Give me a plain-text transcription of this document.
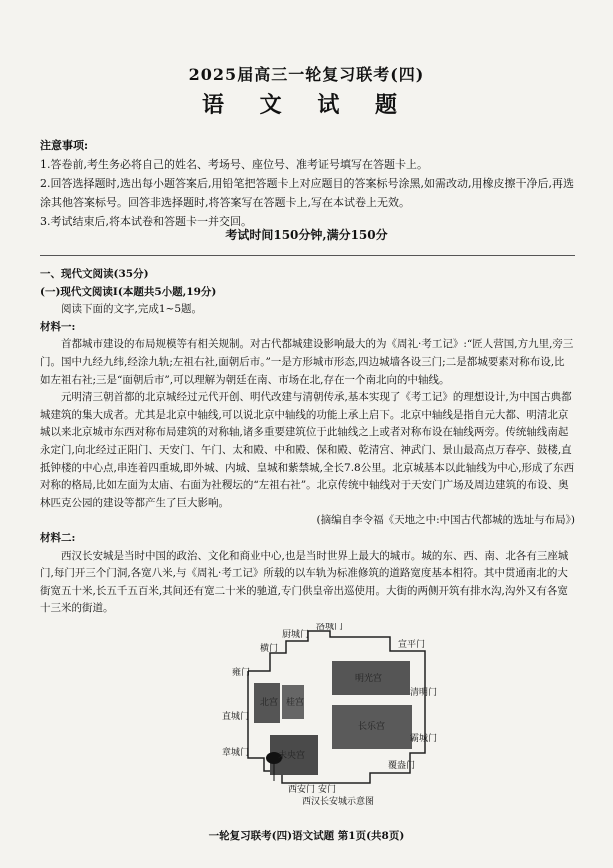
2025届高三一轮复习联考(四)
语 文 试 题

注意事项:

1.答卷前,考生务必将自己的姓名、考场号、座位号、准考证号填写在答题卡上。

2.回答选择题时,选出每小题答案后,用铅笔把答题卡上对应题目的答案标号涂黑,如需改动,用橡皮擦干净后,再选涂其他答案标号。回答非选择题时,将答案写在答题卡上,写在本试卷上无效。

3.考试结束后,将本试卷和答题卡一并交回。

考试时间150分钟,满分150分

一、现代文阅读(35分)

(一)现代文阅读Ⅰ(本题共5小题,19分)

阅读下面的文字,完成1~5题。

材料一:

首都城市建设的布局规模等有相关规制。对古代都城建设影响最大的为《周礼·考工记》:“匠人营国,方九里,旁三门。国中九经九纬,经涂九轨;左祖右社,面朝后市。”一是方形城市形态,四边城墙各设三门;二是都城要素对称布设,比如左祖右社;三是“面朝后市”,可以理解为朝廷在南、市场在北,存在一个南北向的中轴线。

元明清三朝首都的北京城经过元代开创、明代改建与清朝传承,基本实现了《考工记》的理想设计,为中国古典都城建筑的集大成者。尤其是北京中轴线,可以说北京中轴线的功能上承上启下。北京中轴线是指自元大都、明清北京城以来北京城市东西对称布局建筑的对称轴,诸多重要建筑位于此轴线之上或者对称布设在轴线两旁。传统轴线南起永定门,向北经过正阳门、天安门、午门、太和殿、中和殿、保和殿、乾清宫、神武门、景山最高点万春亭、鼓楼,直抵钟楼的中心点,串连着四重城,即外城、内城、皇城和紫禁城,全长7.8公里。北京城基本以此轴线为中心,形成了东西对称的格局,比如左面为太庙、右面为社稷坛的“左祖右社”。北京传统中轴线对于天安门广场及周边建筑的布设、奥林匹克公园的建设等都产生了巨大影响。

(摘编自李令福《天地之中:中国古代都城的选址与布局》)

材料二:

西汉长安城是当时中国的政治、文化和商业中心,也是当时世界上最大的城市。城的东、西、南、北各有三座城门,每门开三个门洞,各宽八米,与《周礼·考工记》所载的以车轨为标准修筑的道路宽度基本相符。其中贯通南北的大街宽五十米,长五千五百米,其间还有宽二十米的驰道,专门供皇帝出巡使用。大街的两侧开筑有排水沟,沟外又有各宽十三米的街道。

北宫 桂宫
明光宫
长乐宫
未央宫
洛城门
厨城门
横门	宣平门
雍门
清明门
直城门
霸城门
章城门
覆盎门
安门
西安门
西汉长安城示意图
一轮复习联考(四)语文试题 第1页(共8页)
